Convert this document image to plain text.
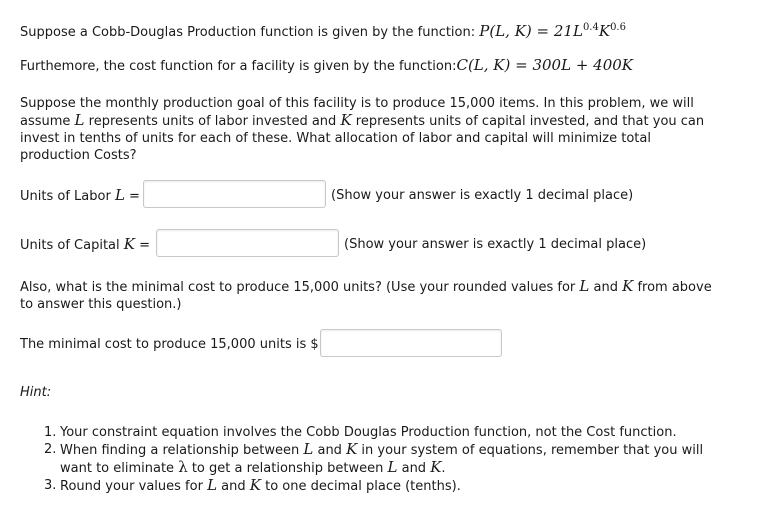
Suppose a Cobb-Douglas Production function is given by the function: P(L, $K) = 21L^{0.4}K^{0.6}$
Furthemore, the cost function for a facility is given by the function:C(L, K) = 300L + 400K
Suppose the monthly production goal of this facility is to produce 15,000 items. In this problem, we will
assume L represents units of labor invested and K represents units of capital invested, and that you can
invest in tenths of units for each of these. What allocation of labor and capital will minimize total
production Costs?
Units of Labor L =	(Show your answer is exactly 1 decimal place)
Units of Capital K =	(Show your answer is exactly 1 decimal place)
Also, what is the minimal cost to produce 15,000 units? (Use your rounded values for L and K from above
to answer this question.)
The minimal cost to produce 15,000 units is $
Hint:
1. Your constraint equation involves the Cobb Douglas Production function, not the Cost function.
2. When finding a relationship between L and K in your system of equations, remember that you will
want to eliminate λ to get a relationship between L and K.
3. Round your values for L and K to one decimal place (tenths).
